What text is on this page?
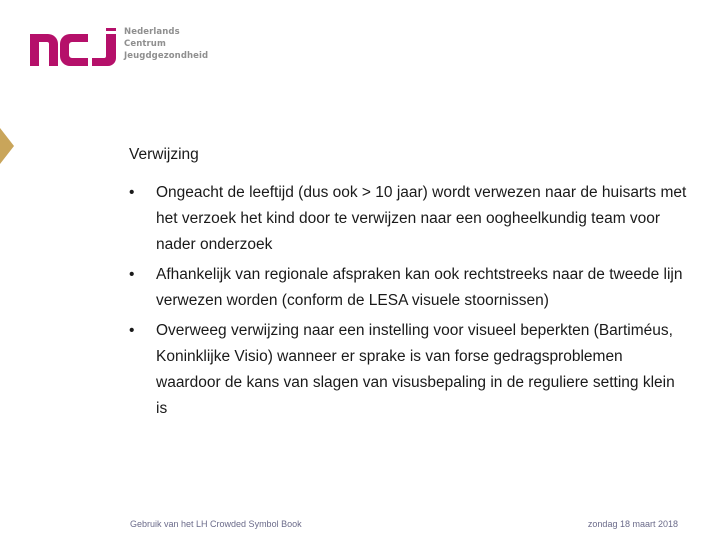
Nederlands
Centrum
Jeugdgezondheid
Verwijzing
• Ongeacht de leeftijd (dus ook > 10 jaar) wordt verwezen naar de huisarts met het verzoek het kind door te verwijzen naar een oogheelkundig team voor nader onderzoek
• Afhankelijk van regionale afspraken kan ook rechtstreeks naar de tweede lijn verwezen worden (conform de LESA visuele stoornissen)
• Overweeg verwijzing naar een instelling voor visueel beperkten (Bartiméus, Koninklijke Visio) wanneer er sprake is van forse gedragsproblemen waardoor de kans van slagen van visusbepaling in de reguliere setting klein is
Gebruik van het LH Crowded Symbol Book	zondag 18 maart 2018
